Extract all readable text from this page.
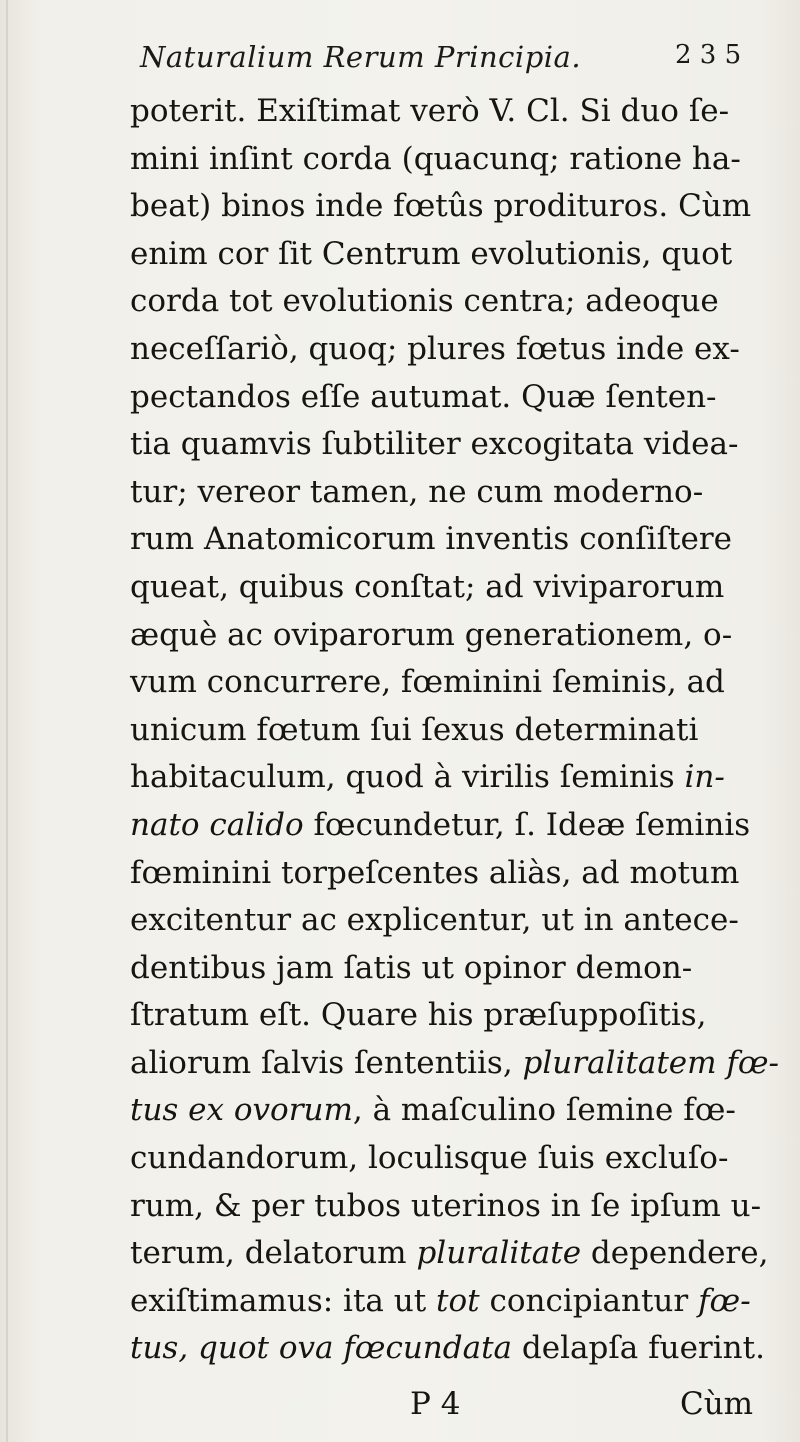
Naturalium Rerum Principia.	2 3 5
poterit. Exiſtimat verò V. Cl. Si duo ſe-
mini inſint corda (quacunq; ratione ha-
beat) binos inde fœtûs prodituros. Cùm
enim cor ſit Centrum evolutionis, quot
corda tot evolutionis centra; adeoque
neceſſariò, quoq; plures fœtus inde ex-
pectandos eſſe autumat. Quæ ſenten-
tia quamvis ſubtiliter excogitata videa-
tur; vereor tamen, ne cum moderno-
rum Anatomicorum inventis conſiſtere
queat, quibus conſtat; ad viviparorum
æquè ac oviparorum generationem, o-
vum concurrere, fœminini ſeminis, ad
unicum fœtum ſui ſexus determinati
habitaculum, quod à virilis ſeminis in-
nato calido fœcundetur, ſ. Ideæ ſeminis
fœminini torpeſcentes aliàs, ad motum
excitentur ac explicentur, ut in antece-
dentibus jam ſatis ut opinor demon-
ſtratum eſt. Quare his præſuppoſitis,
aliorum ſalvis ſententiis, pluralitatem fœ-
tus ex ovorum, à maſculino ſemine fœ-
cundandorum, loculisque ſuis excluſo-
rum, & per tubos uterinos in ſe ipſum u-
terum, delatorum pluralitate dependere,
exiſtimamus: ita ut tot concipiantur fœ-
tus, quot ova fœcundata delapſa fuerint.
P 4	Cùm
